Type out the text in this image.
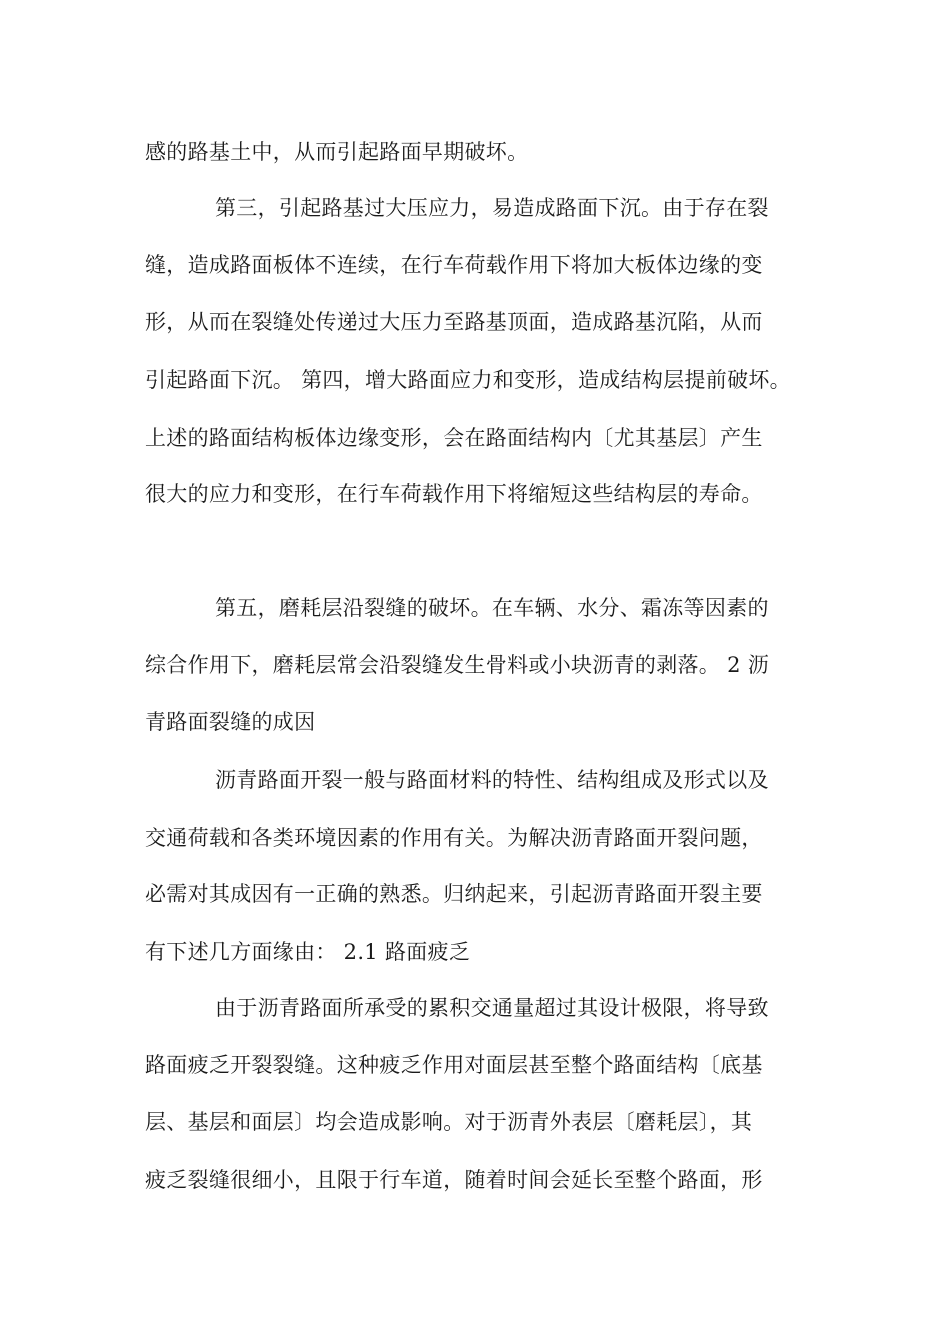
感的路基土中，从而引起路面早期破坏。
第三，引起路基过大压应力，易造成路面下沉。由于存在裂
缝，造成路面板体不连续，在行车荷载作用下将加大板体边缘的变
形，从而在裂缝处传递过大压力至路基顶面，造成路基沉陷，从而
引起路面下沉。 第四，增大路面应力和变形，造成结构层提前破坏。
上述的路面结构板体边缘变形，会在路面结构内〔尤其基层〕产生
很大的应力和变形，在行车荷载作用下将缩短这些结构层的寿命。
第五，磨耗层沿裂缝的破坏。在车辆、水分、霜冻等因素的
综合作用下，磨耗层常会沿裂缝发生骨料或小块沥青的剥落。 2 沥
青路面裂缝的成因
沥青路面开裂一般与路面材料的特性、结构组成及形式以及
交通荷载和各类环境因素的作用有关。为解决沥青路面开裂问题，
必需对其成因有一正确的熟悉。归纳起来，引起沥青路面开裂主要
有下述几方面缘由： 2.1 路面疲乏
由于沥青路面所承受的累积交通量超过其设计极限，将导致
路面疲乏开裂裂缝。这种疲乏作用对面层甚至整个路面结构〔底基
层、基层和面层〕均会造成影响。对于沥青外表层〔磨耗层〕，其
疲乏裂缝很细小，且限于行车道，随着时间会延长至整个路面，形
